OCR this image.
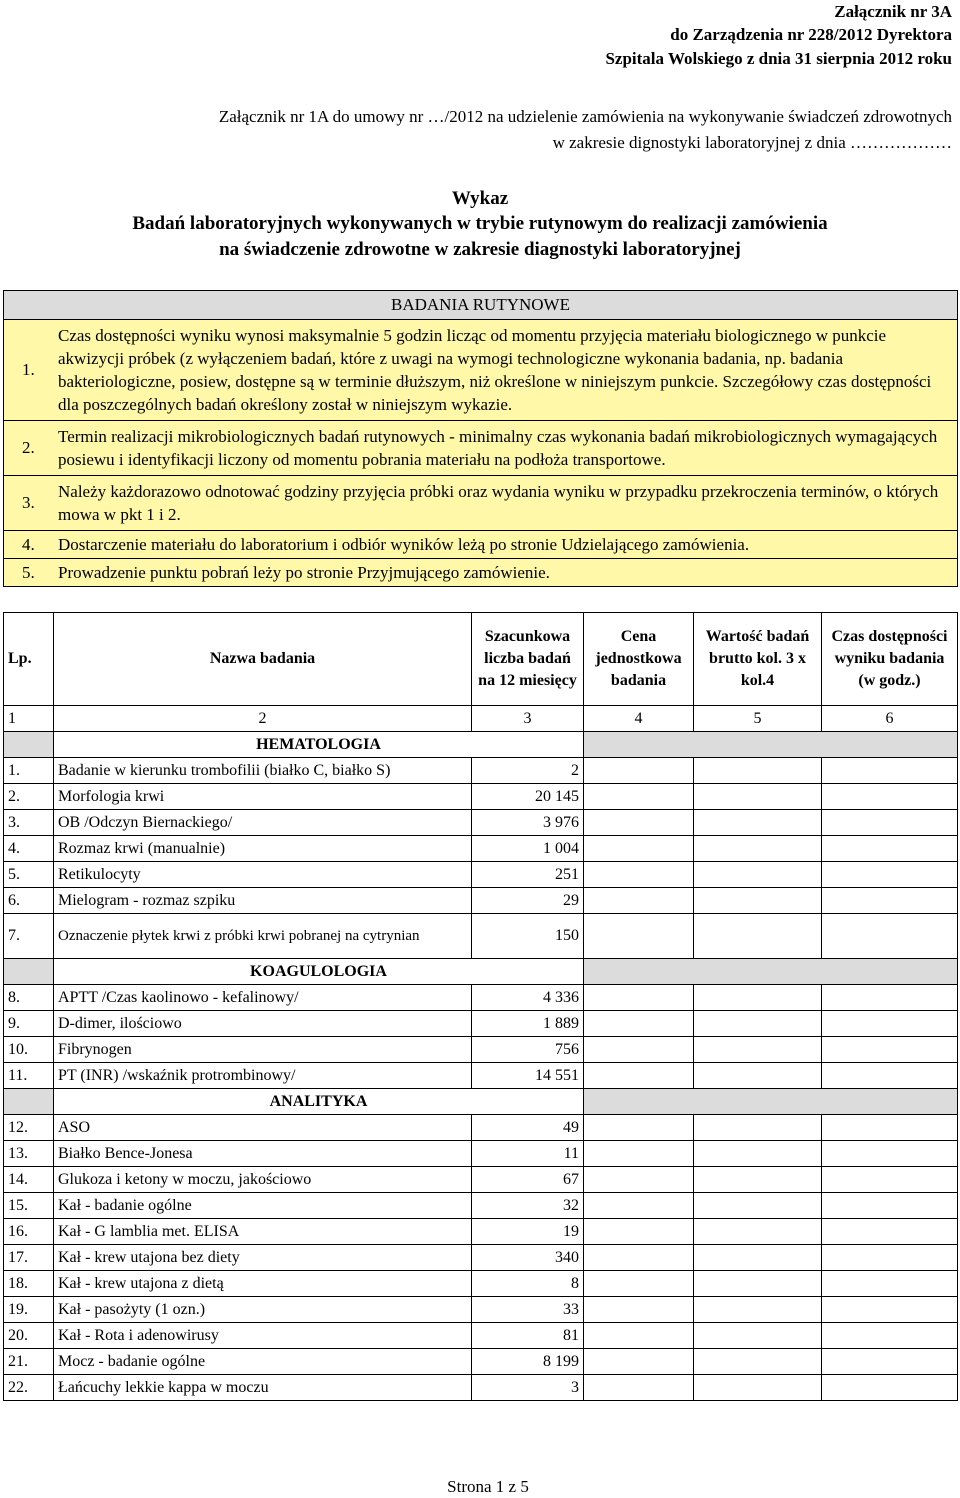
Załącznik nr 3A
do Zarządzenia nr 228/2012 Dyrektora
Szpitala Wolskiego z dnia 31 sierpnia 2012 roku
Załącznik nr 1A do umowy nr …/2012 na udzielenie zamówienia na wykonywanie świadczeń zdrowotnych
w zakresie dignostyki laboratoryjnej z dnia ………………
Wykaz
Badań laboratoryjnych wykonywanych w trybie rutynowym do realizacji zamówienia
na świadczenie zdrowotne w zakresie diagnostyki laboratoryjnej
BADANIA RUTYNOWE
1.
Czas dostępności wyniku wynosi maksymalnie 5 godzin licząc od momentu przyjęcia materiału biologicznego w punkcie akwizycji próbek (z wyłączeniem badań, które z uwagi na wymogi technologiczne wykonania badania, np. badania bakteriologiczne, posiew, dostępne są w terminie dłuższym, niż określone w niniejszym punkcie. Szczegółowy czas dostępności dla poszczególnych badań określony został w niniejszym wykazie.
2.
Termin realizacji mikrobiologicznych badań rutynowych - minimalny czas wykonania badań mikrobiologicznych wymagających posiewu i identyfikacji liczony od momentu pobrania materiału na podłoża transportowe.
3.
Należy każdorazowo odnotować godziny przyjęcia próbki oraz wydania wyniku w przypadku przekroczenia terminów, o których mowa w pkt 1 i 2.
4.	Dostarczenie materiału do laboratorium i odbiór wyników leżą po stronie Udzielającego zamówienia.
5.	Prowadzenie punktu pobrań leży po stronie Przyjmującego zamówienie.
Lp.	Nazwa badania	Szacunkowa liczba badań na 12 miesięcy	Cena jednostkowa badania	Wartość badań brutto kol. 3 x kol.4	Czas dostępności wyniku badania (w godz.)
1	2	3	4	5	6
	HEMATOLOGIA				
1.	Badanie w kierunku trombofilii (białko C, białko S)	2			
2.	Morfologia krwi	20 145			
3.	OB /Odczyn Biernackiego/	3 976			
4.	Rozmaz krwi (manualnie)	1 004			
5.	Retikulocyty	251			
6.	Mielogram - rozmaz szpiku	29			
7.	Oznaczenie płytek krwi z próbki krwi pobranej na cytrynian	150			
	KOAGULOLOGIA				
8.	APTT /Czas kaolinowo - kefalinowy/	4 336			
9.	D-dimer, ilościowo	1 889			
10.	Fibrynogen	756			
11.	PT (INR) /wskaźnik protrombinowy/	14 551			
	ANALITYKA				
12.	ASO	49			
13.	Białko Bence-Jonesa	11			
14.	Glukoza i ketony w moczu, jakościowo	67			
15.	Kał - badanie ogólne	32			
16.	Kał - G lamblia met. ELISA	19			
17.	Kał - krew utajona bez diety	340			
18.	Kał - krew utajona z dietą	8			
19.	Kał - pasożyty (1 ozn.)	33			
20.	Kał - Rota i adenowirusy	81			
21.	Mocz - badanie ogólne	8 199			
22.	Łańcuchy lekkie kappa w moczu	3			
Strona 1 z 5
